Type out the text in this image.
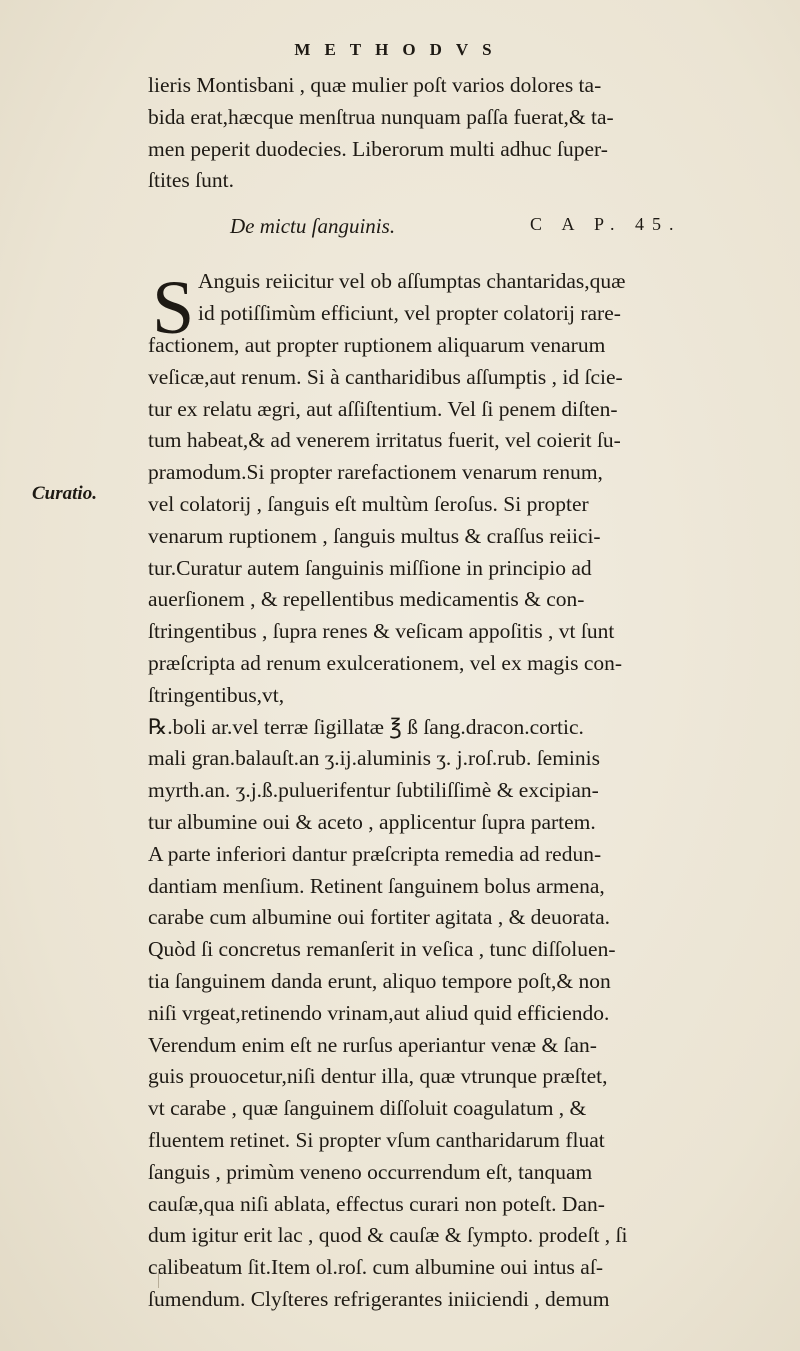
METHODVS
lieris Montisbani , quæ mulier poſt varios dolores ta-
bida erat,hæcque menſtrua nunquam paſſa fuerat,& ta-
men peperit duodecies. Liberorum multi adhuc ſuper-
ſtites ſunt.
De mictu ſanguinis.	C A P. 45.
S Anguis reiicitur vel ob aſſumptas chantaridas,quæ
id potiſſimùm efficiunt, vel propter colatorij rare-
factionem, aut propter ruptionem aliquarum venarum
veſicæ,aut renum. Si à cantharidibus aſſumptis , id ſcie-
tur ex relatu ægri, aut aſſiſtentium. Vel ſi penem diſten-
tum habeat,& ad venerem irritatus fuerit, vel coierit ſu-
pramodum.Si propter rarefactionem venarum renum,
vel colatorij , ſanguis eſt multùm ſeroſus. Si propter
venarum ruptionem , ſanguis multus & craſſus reiici-
tur.Curatur autem ſanguinis miſſione in principio ad
auerſionem , & repellentibus medicamentis & con-
ſtringentibus , ſupra renes & veſicam appoſitis , vt ſunt
præſcripta ad renum exulcerationem, vel ex magis con-
ſtringentibus,vt,
℞.boli ar.vel terræ ſigillatæ ℥ ß ſang.dracon.cortic.
mali gran.balauſt.an ʒ.ij.aluminis ʒ. j.roſ.rub. ſeminis
myrth.an. ʒ.j.ß.puluerifentur ſubtiliſſimè & excipian-
tur albumine oui & aceto , applicentur ſupra partem.
A parte inferiori dantur præſcripta remedia ad redun-
dantiam menſium. Retinent ſanguinem bolus armena,
carabe cum albumine oui fortiter agitata , & deuorata.
Quòd ſi concretus remanſerit in veſica , tunc diſſoluen-
tia ſanguinem danda erunt, aliquo tempore poſt,& non
niſi vrgeat,retinendo vrinam,aut aliud quid efficiendo.
Verendum enim eſt ne rurſus aperiantur venæ & ſan-
guis prouocetur,niſi dentur illa, quæ vtrunque præſtet,
vt carabe , quæ ſanguinem diſſoluit coagulatum , &
fluentem retinet. Si propter vſum cantharidarum fluat
ſanguis , primùm veneno occurrendum eſt, tanquam
cauſæ,qua niſi ablata, effectus curari non poteſt. Dan-
dum igitur erit lac , quod & cauſæ & ſympto. prodeſt , ſi
calibeatum ſit.Item ol.roſ. cum albumine oui intus aſ-
ſumendum. Clyſteres refrigerantes iniiciendi , demum
Curatio.
